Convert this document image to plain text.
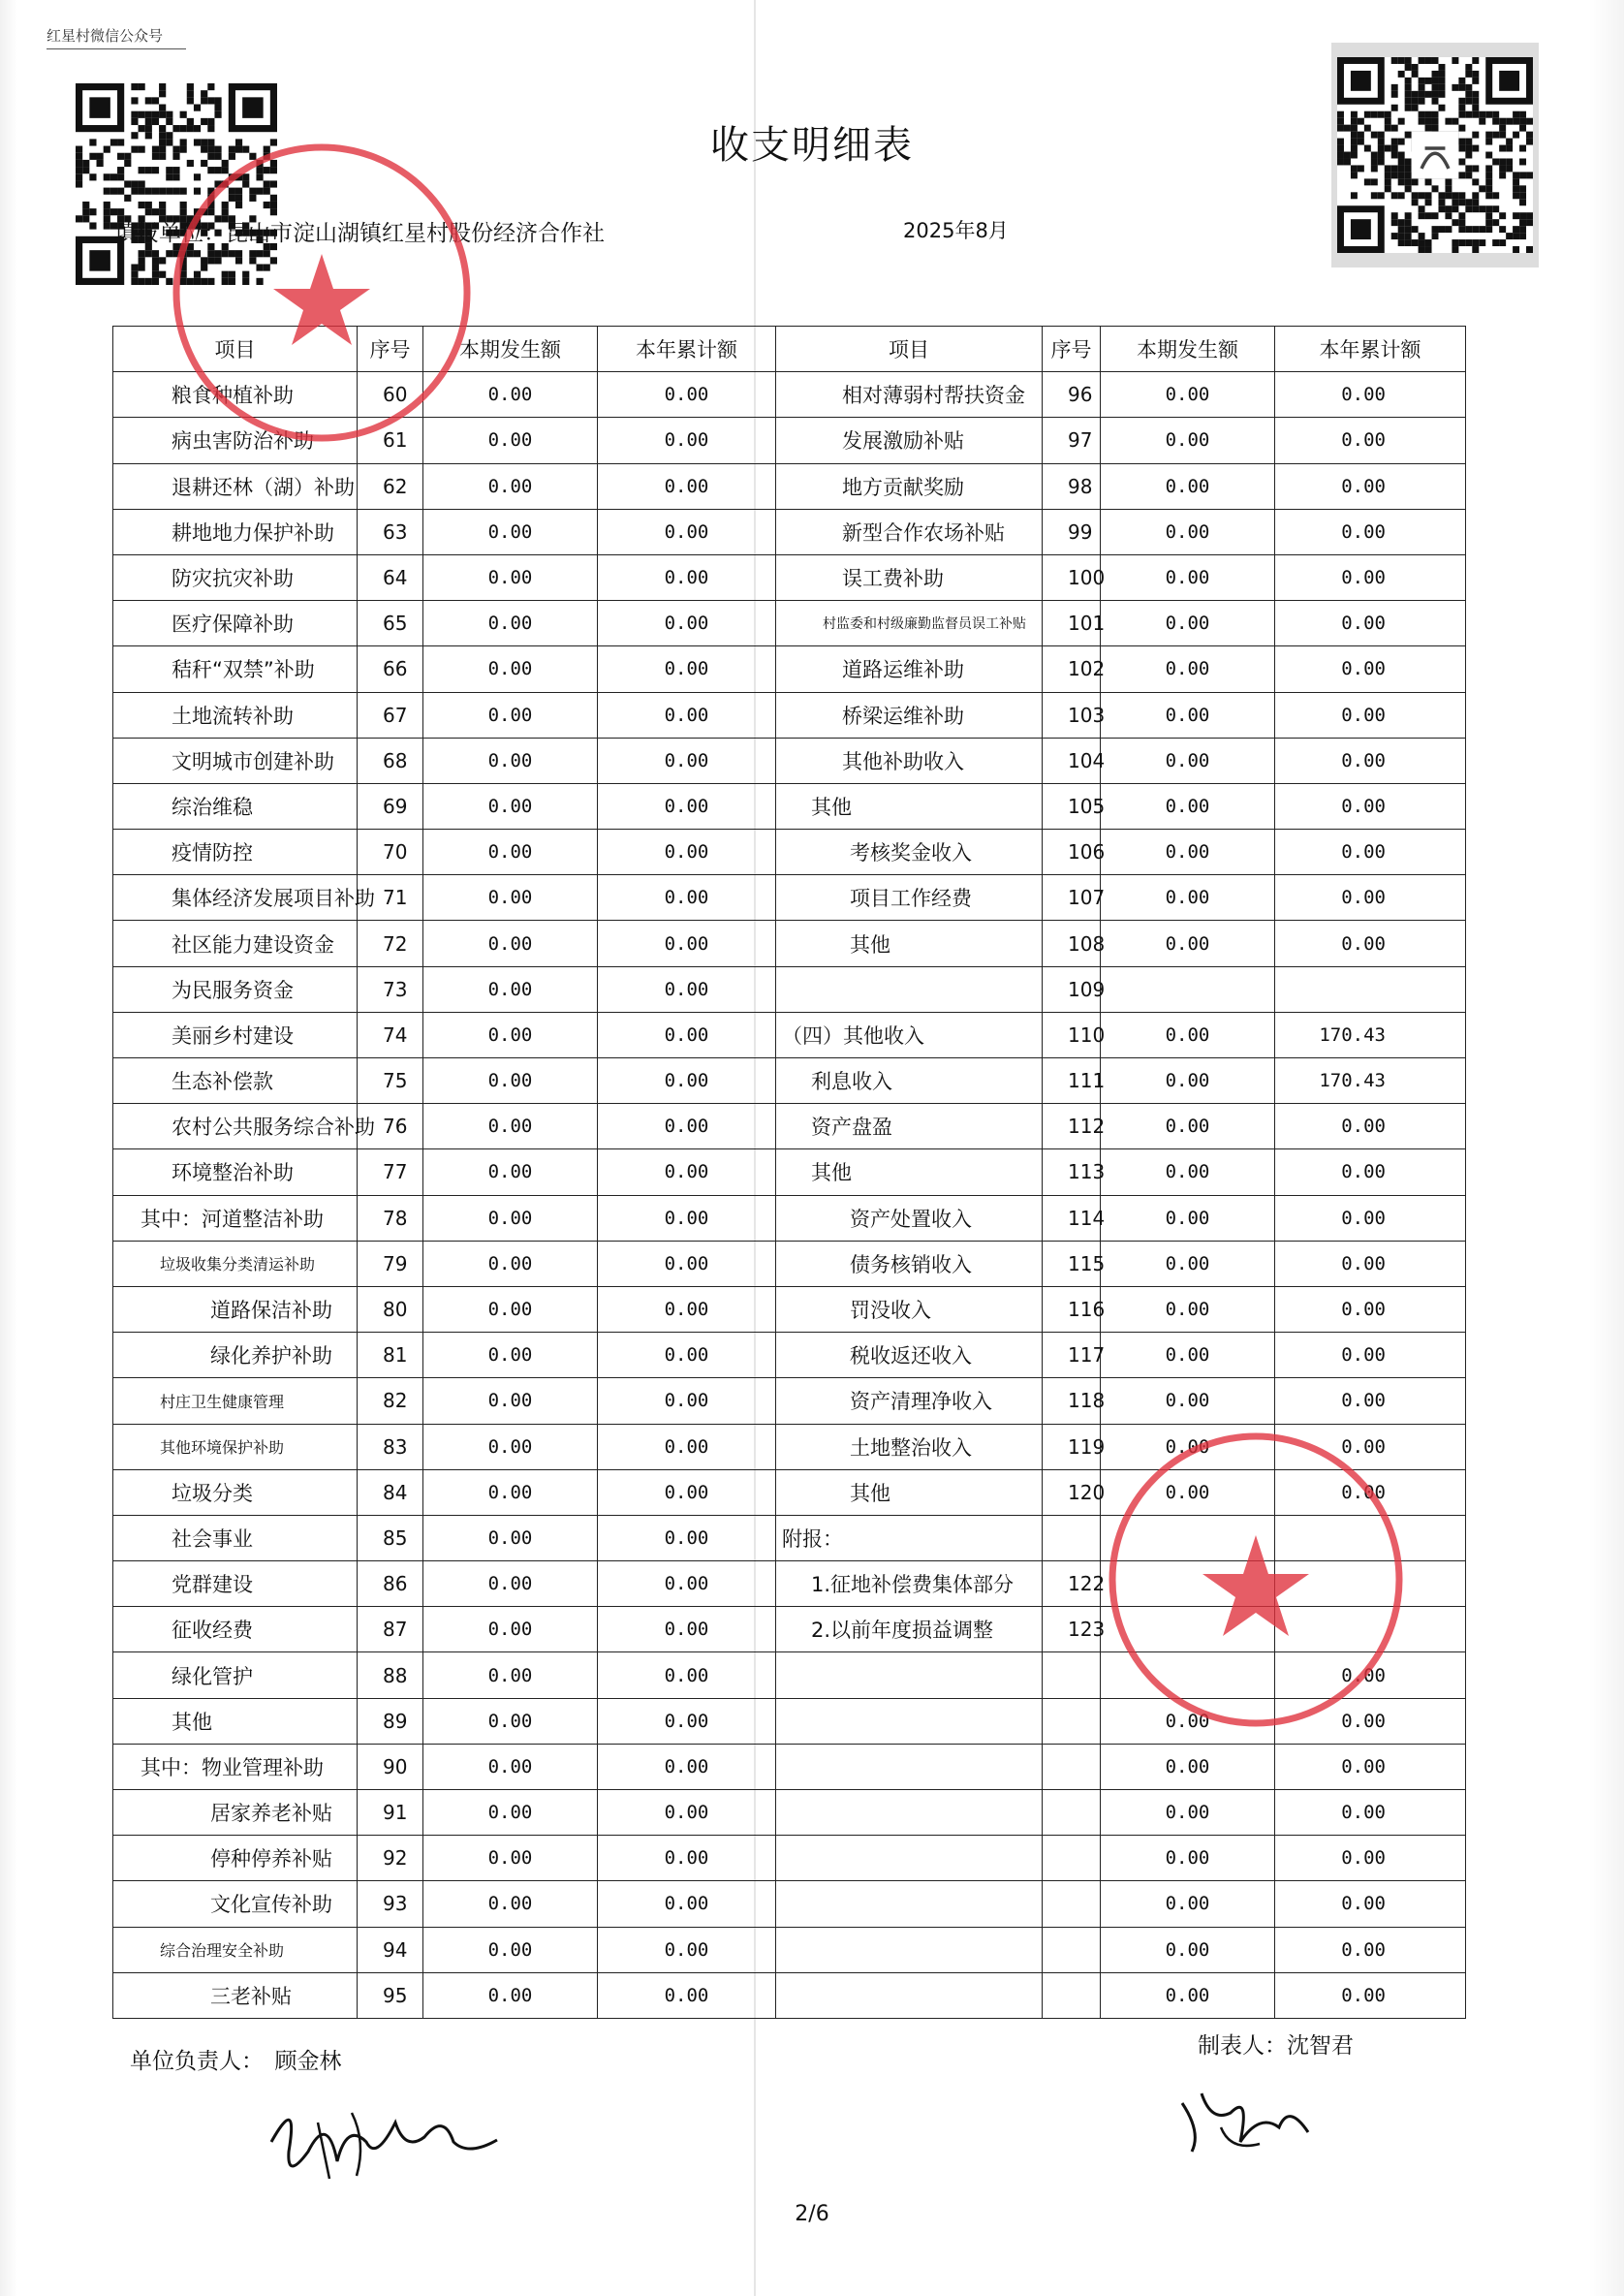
红星村微信公众号
收支明细表
填报单位：昆山市淀山湖镇红星村股份经济合作社	2025年8月
项目	序号	本期发生额	本年累计额	项目	序号	本期发生额	本年累计额
粮食种植补助	60	0.00	0.00	相对薄弱村帮扶资金	96	0.00	0.00
病虫害防治补助	61	0.00	0.00	发展激励补贴	97	0.00	0.00
退耕还林（湖）补助	62	0.00	0.00	地方贡献奖励	98	0.00	0.00
耕地地力保护补助	63	0.00	0.00	新型合作农场补贴	99	0.00	0.00
防灾抗灾补助	64	0.00	0.00	误工费补助	100	0.00	0.00
医疗保障补助	65	0.00	0.00	村监委和村级廉勤监督员误工补贴	101	0.00	0.00
秸秆“双禁”补助	66	0.00	0.00	道路运维补助	102	0.00	0.00
土地流转补助	67	0.00	0.00	桥梁运维补助	103	0.00	0.00
文明城市创建补助	68	0.00	0.00	其他补助收入	104	0.00	0.00
综治维稳	69	0.00	0.00	其他	105	0.00	0.00
疫情防控	70	0.00	0.00	考核奖金收入	106	0.00	0.00
集体经济发展项目补助	71	0.00	0.00	项目工作经费	107	0.00	0.00
社区能力建设资金	72	0.00	0.00	其他	108	0.00	0.00
为民服务资金	73	0.00	0.00		109		
美丽乡村建设	74	0.00	0.00	（四）其他收入	110	0.00	170.43
生态补偿款	75	0.00	0.00	利息收入	111	0.00	170.43
农村公共服务综合补助	76	0.00	0.00	资产盘盈	112	0.00	0.00
环境整治补助	77	0.00	0.00	其他	113	0.00	0.00
其中：河道整洁补助	78	0.00	0.00	资产处置收入	114	0.00	0.00
垃圾收集分类清运补助	79	0.00	0.00	债务核销收入	115	0.00	0.00
道路保洁补助	80	0.00	0.00	罚没收入	116	0.00	0.00
绿化养护补助	81	0.00	0.00	税收返还收入	117	0.00	0.00
村庄卫生健康管理	82	0.00	0.00	资产清理净收入	118	0.00	0.00
其他环境保护补助	83	0.00	0.00	土地整治收入	119	0.00	0.00
垃圾分类	84	0.00	0.00	其他	120	0.00	0.00
社会事业	85	0.00	0.00	附报：			
党群建设	86	0.00	0.00	1.征地补偿费集体部分	122		
征收经费	87	0.00	0.00	2.以前年度损益调整	123		
绿化管护	88	0.00	0.00				0.00
其他	89	0.00	0.00			0.00	0.00
其中：物业管理补助	90	0.00	0.00			0.00	0.00
居家养老补贴	91	0.00	0.00			0.00	0.00
停种停养补贴	92	0.00	0.00			0.00	0.00
文化宣传补助	93	0.00	0.00			0.00	0.00
综合治理安全补助	94	0.00	0.00			0.00	0.00
三老补贴	95	0.00	0.00			0.00	0.00
单位负责人：　顾金林
制表人：沈智君
2/6
